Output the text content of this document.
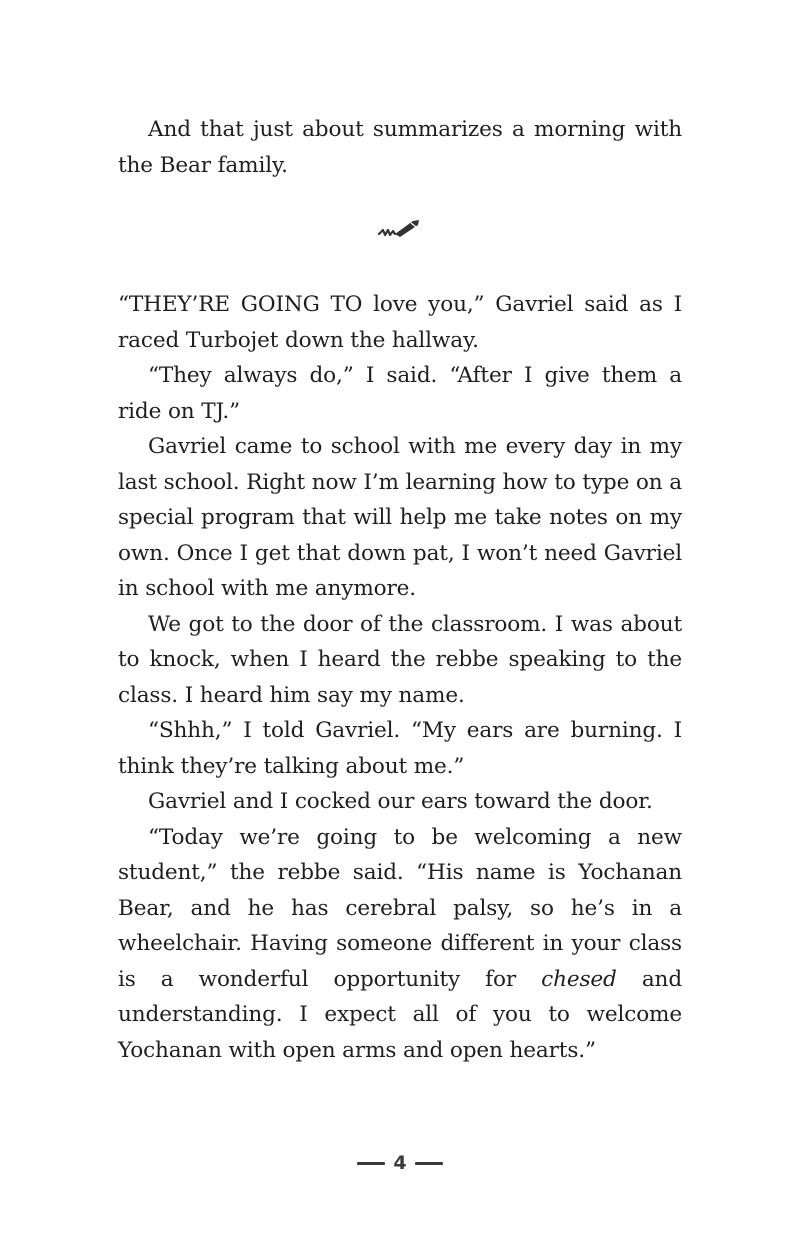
And that just about summarizes a morning with the Bear family.

“THEY’RE GOING TO love you,” Gavriel said as I raced Turbojet down the hallway.

“They always do,” I said. “After I give them a ride on TJ.”

Gavriel came to school with me every day in my last school. Right now I’m learning how to type on a special program that will help me take notes on my own. Once I get that down pat, I won’t need Gavriel in school with me anymore.

We got to the door of the classroom. I was about to knock, when I heard the rebbe speaking to the class. I heard him say my name.

“Shhh,” I told Gavriel. “My ears are burning. I think they’re talking about me.”

Gavriel and I cocked our ears toward the door.

“Today we’re going to be welcoming a new student,” the rebbe said. “His name is Yochanan Bear, and he has cerebral palsy, so he’s in a wheelchair. Having someone different in your class is a wonderful opportunity for chesed and understanding. I expect all of you to welcome Yochanan with open arms and open hearts.”

4
